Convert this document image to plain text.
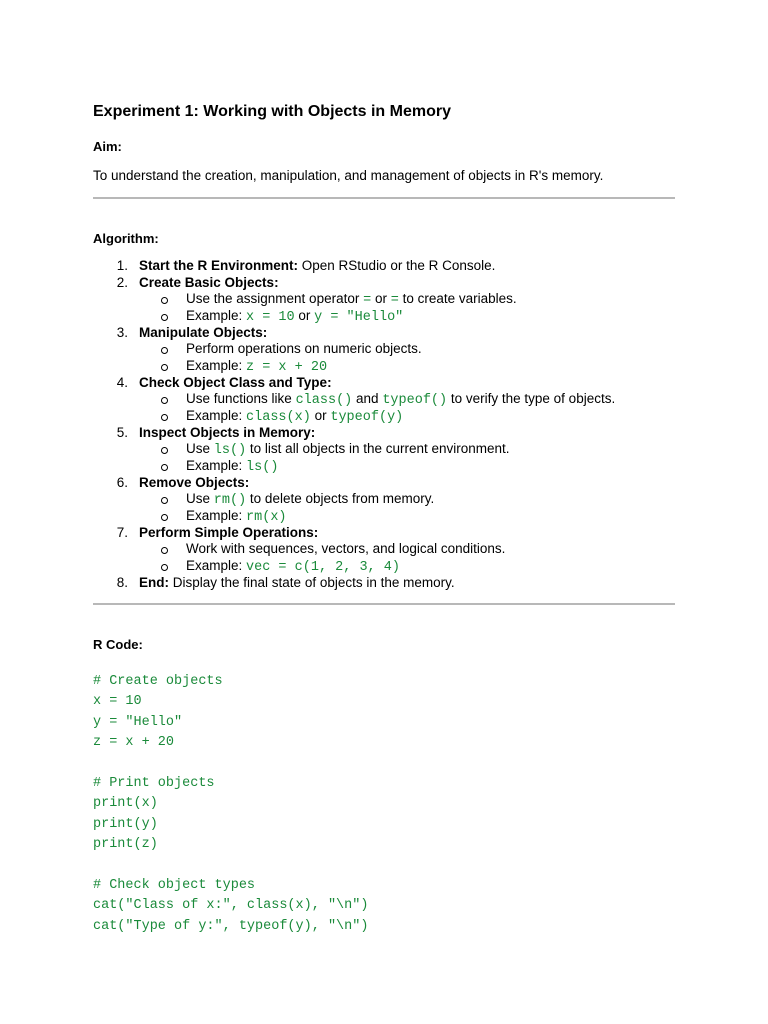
Experiment 1: Working with Objects in Memory
Aim:
To understand the creation, manipulation, and management of objects in R's memory.
Algorithm:
1. Start the R Environment: Open RStudio or the R Console.
2. Create Basic Objects:
Use the assignment operator = or = to create variables.
Example: x = 10 or y = "Hello"
3. Manipulate Objects:
Perform operations on numeric objects.
Example: z = x + 20
4. Check Object Class and Type:
Use functions like class() and typeof() to verify the type of objects.
Example: class(x) or typeof(y)
5. Inspect Objects in Memory:
Use ls() to list all objects in the current environment.
Example: ls()
6. Remove Objects:
Use rm() to delete objects from memory.
Example: rm(x)
7. Perform Simple Operations:
Work with sequences, vectors, and logical conditions.
Example: vec = c(1, 2, 3, 4)
8. End: Display the final state of objects in the memory.
R Code:
# Create objects
x = 10
y = "Hello"
z = x + 20
# Print objects
print(x)
print(y)
print(z)
# Check object types
cat("Class of x:", class(x), "\n")
cat("Type of y:", typeof(y), "\n")
